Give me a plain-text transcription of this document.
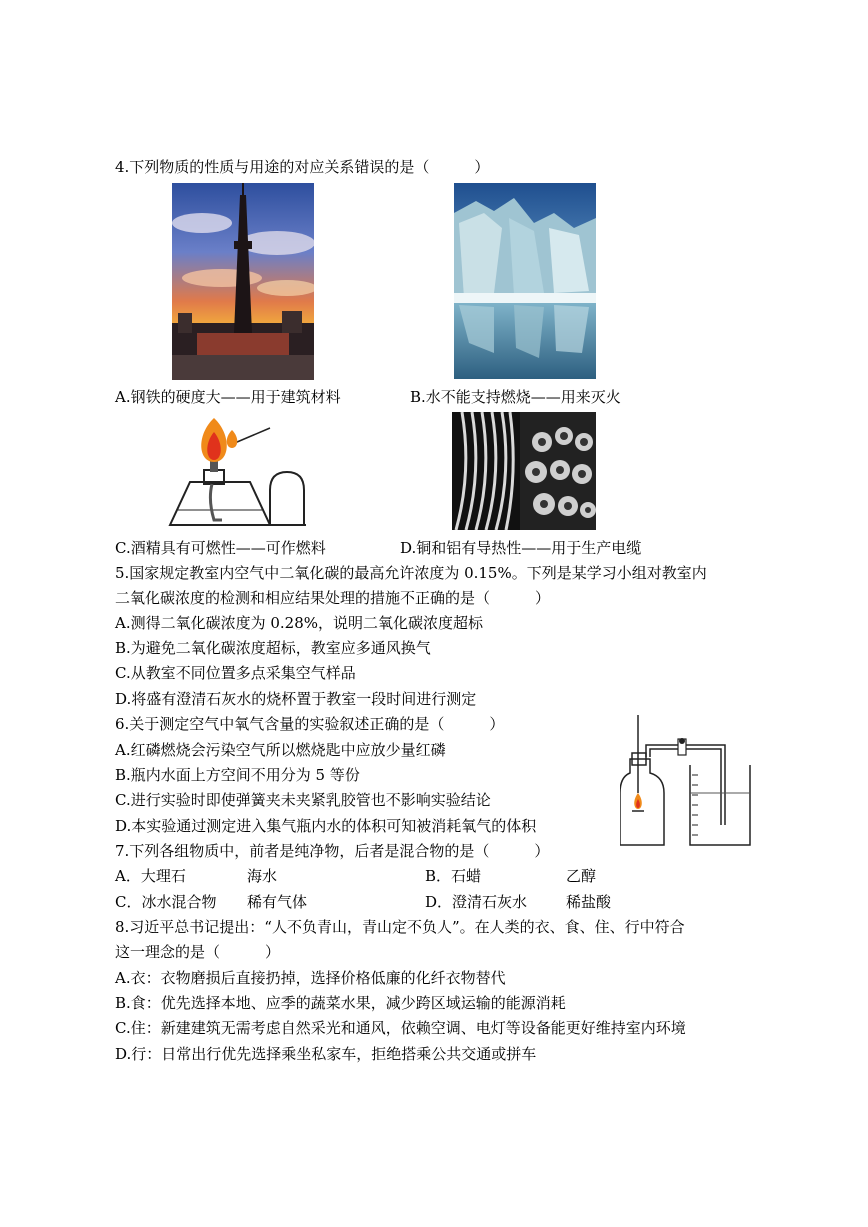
4.下列物质的性质与用途的对应关系错误的是（　　　）
A.钢铁的硬度大——用于建筑材料	B.水不能支持燃烧——用来灭火
C.酒精具有可燃性——可作燃料	D.铜和铝有导热性——用于生产电缆
5.国家规定教室内空气中二氧化碳的最高允许浓度为 0.15%。下列是某学习小组对教室内
二氧化碳浓度的检测和相应结果处理的措施不正确的是（　　　）
A.测得二氧化碳浓度为 0.28%，说明二氧化碳浓度超标
B.为避免二氧化碳浓度超标，教室应多通风换气
C.从教室不同位置多点采集空气样品
D.将盛有澄清石灰水的烧杯置于教室一段时间进行测定
6.关于测定空气中氧气含量的实验叙述正确的是（　　　）
A.红磷燃烧会污染空气所以燃烧匙中应放少量红磷
B.瓶内水面上方空间不用分为 5 等份
C.进行实验时即使弹簧夹未夹紧乳胶管也不影响实验结论
D.本实验通过测定进入集气瓶内水的体积可知被消耗氧气的体积
7.下列各组物质中，前者是纯净物，后者是混合物的是（　　　）
A．大理石	海水	B．石蜡	乙醇
C．冰水混合物 稀有气体	D．澄清石灰水	稀盐酸
8.习近平总书记提出：“人不负青山，青山定不负人”。在人类的衣、食、住、行中符合
这一理念的是（　　　）
A.衣：衣物磨损后直接扔掉，选择价格低廉的化纤衣物替代
B.食：优先选择本地、应季的蔬菜水果，减少跨区域运输的能源消耗
C.住：新建建筑无需考虑自然采光和通风，依赖空调、电灯等设备能更好维持室内环境
D.行：日常出行优先选择乘坐私家车，拒绝搭乘公共交通或拼车
